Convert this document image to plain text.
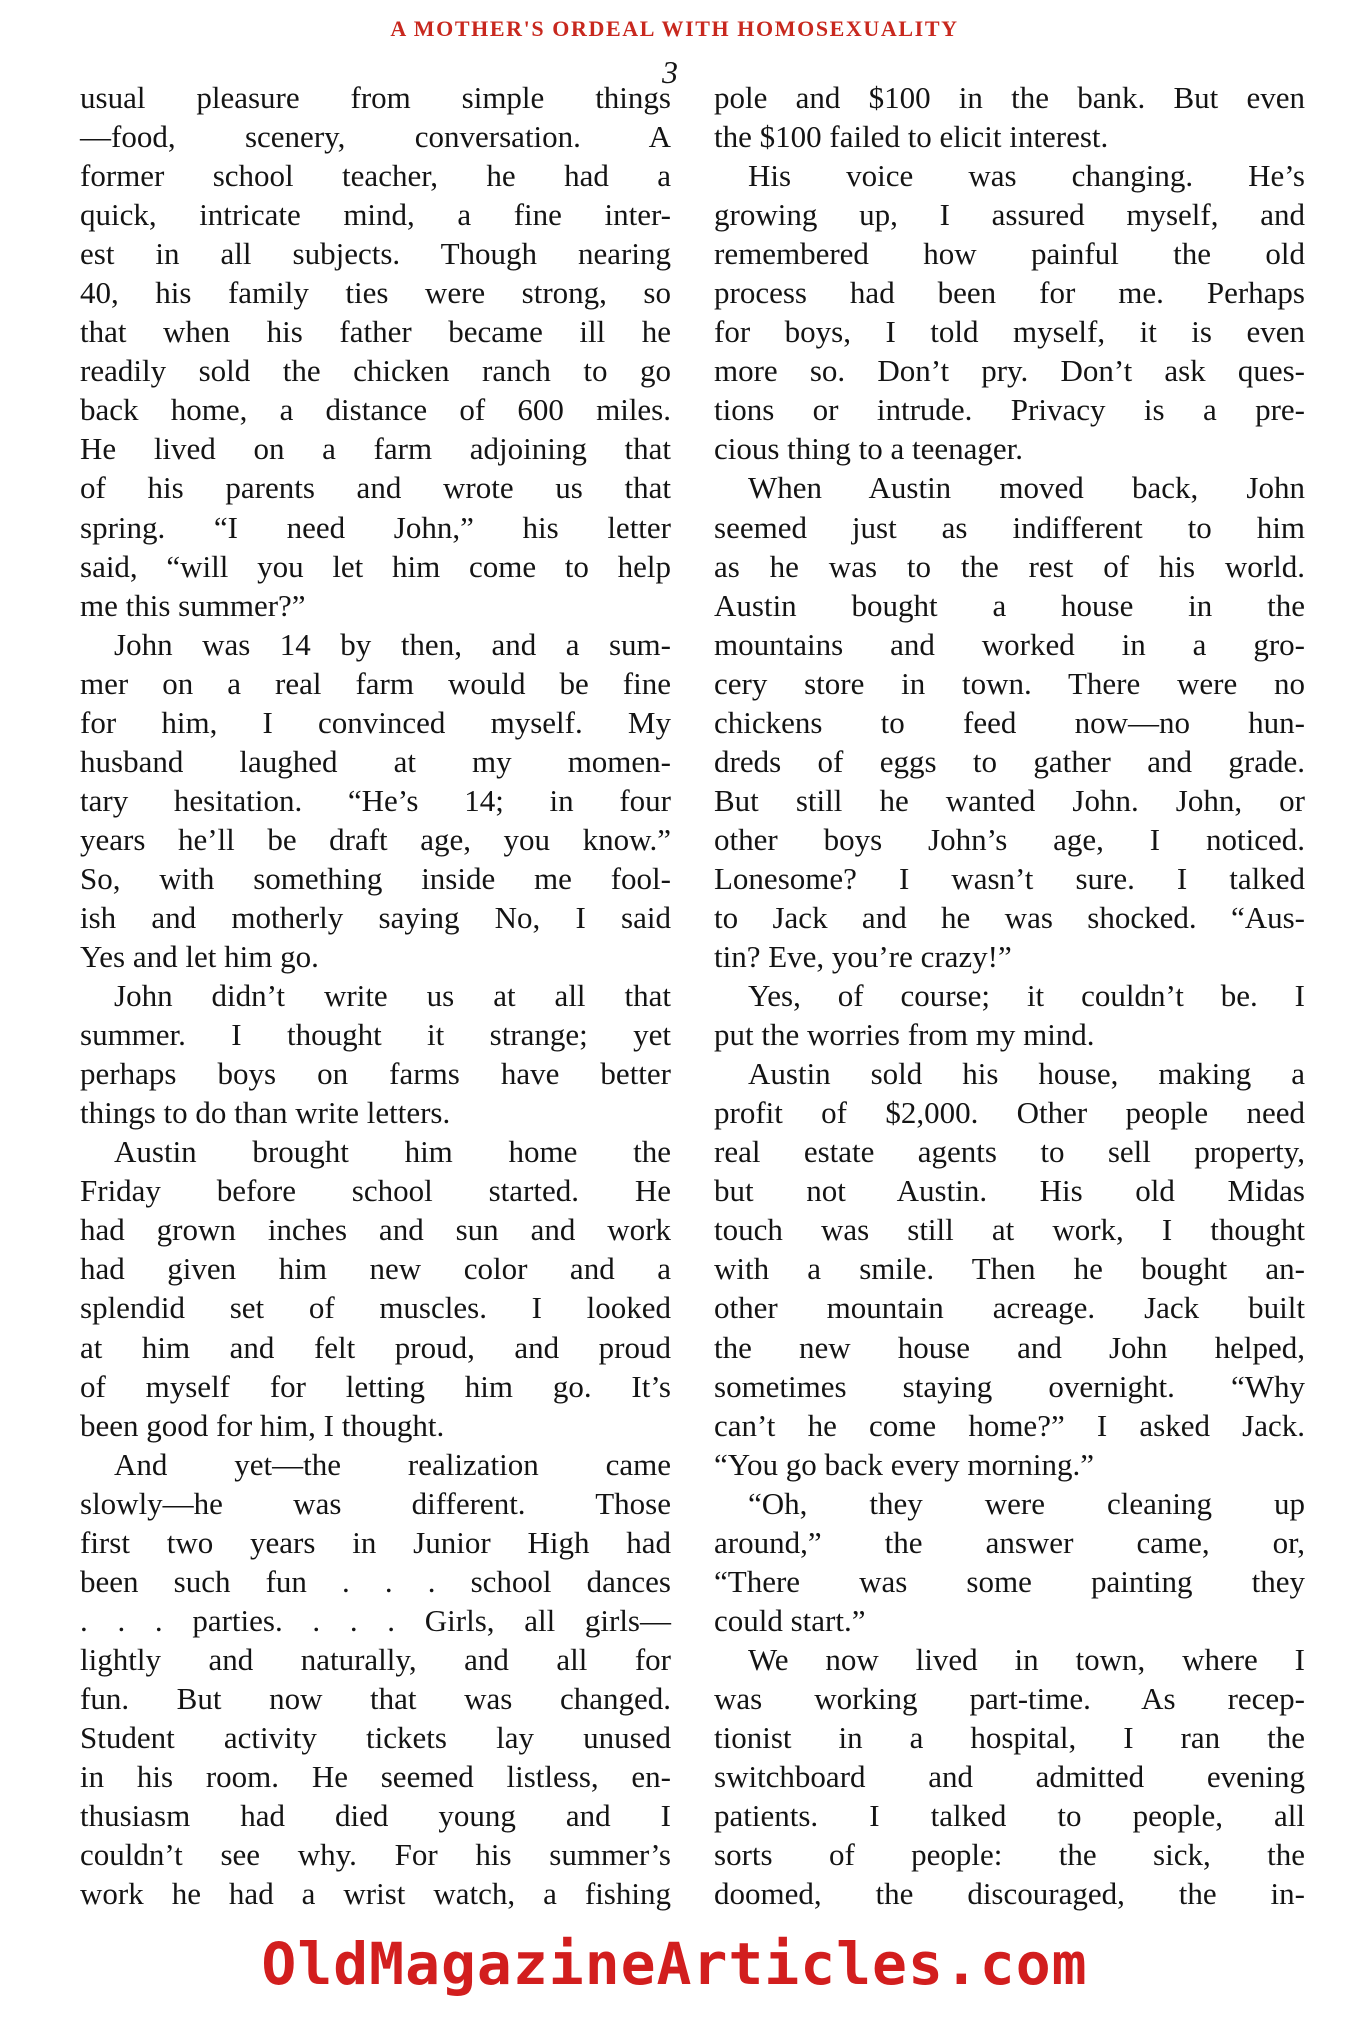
A MOTHER'S ORDEAL WITH HOMOSEXUALITY
3
usual pleasure from simple things
—food, scenery, conversation. A
former school teacher, he had a
quick, intricate mind, a fine inter-
est in all subjects. Though nearing
40, his family ties were strong, so
that when his father became ill he
readily sold the chicken ranch to go
back home, a distance of 600 miles.
He lived on a farm adjoining that
of his parents and wrote us that
spring. “I need John,” his letter
said, “will you let him come to help
me this summer?”
John was 14 by then, and a sum-
mer on a real farm would be fine
for him, I convinced myself. My
husband laughed at my momen-
tary hesitation. “He’s 14; in four
years he’ll be draft age, you know.”
So, with something inside me fool-
ish and motherly saying No, I said
Yes and let him go.
John didn’t write us at all that
summer. I thought it strange; yet
perhaps boys on farms have better
things to do than write letters.
Austin brought him home the
Friday before school started. He
had grown inches and sun and work
had given him new color and a
splendid set of muscles. I looked
at him and felt proud, and proud
of myself for letting him go. It’s
been good for him, I thought.
And yet—the realization came
slowly—he was different. Those
first two years in Junior High had
been such fun . . . school dances
. . . parties. . . . Girls, all girls—
lightly and naturally, and all for
fun. But now that was changed.
Student activity tickets lay unused
in his room. He seemed listless, en-
thusiasm had died young and I
couldn’t see why. For his summer’s
work he had a wrist watch, a fishing
pole and $100 in the bank. But even
the $100 failed to elicit interest.
His voice was changing. He’s
growing up, I assured myself, and
remembered how painful the old
process had been for me. Perhaps
for boys, I told myself, it is even
more so. Don’t pry. Don’t ask ques-
tions or intrude. Privacy is a pre-
cious thing to a teenager.
When Austin moved back, John
seemed just as indifferent to him
as he was to the rest of his world.
Austin bought a house in the
mountains and worked in a gro-
cery store in town. There were no
chickens to feed now—no hun-
dreds of eggs to gather and grade.
But still he wanted John. John, or
other boys John’s age, I noticed.
Lonesome? I wasn’t sure. I talked
to Jack and he was shocked. “Aus-
tin? Eve, you’re crazy!”
Yes, of course; it couldn’t be. I
put the worries from my mind.
Austin sold his house, making a
profit of $2,000. Other people need
real estate agents to sell property,
but not Austin. His old Midas
touch was still at work, I thought
with a smile. Then he bought an-
other mountain acreage. Jack built
the new house and John helped,
sometimes staying overnight. “Why
can’t he come home?” I asked Jack.
“You go back every morning.”
“Oh, they were cleaning up
around,” the answer came, or,
“There was some painting they
could start.”
We now lived in town, where I
was working part-time. As recep-
tionist in a hospital, I ran the
switchboard and admitted evening
patients. I talked to people, all
sorts of people: the sick, the
doomed, the discouraged, the in-
OldMagazineArticles.com
